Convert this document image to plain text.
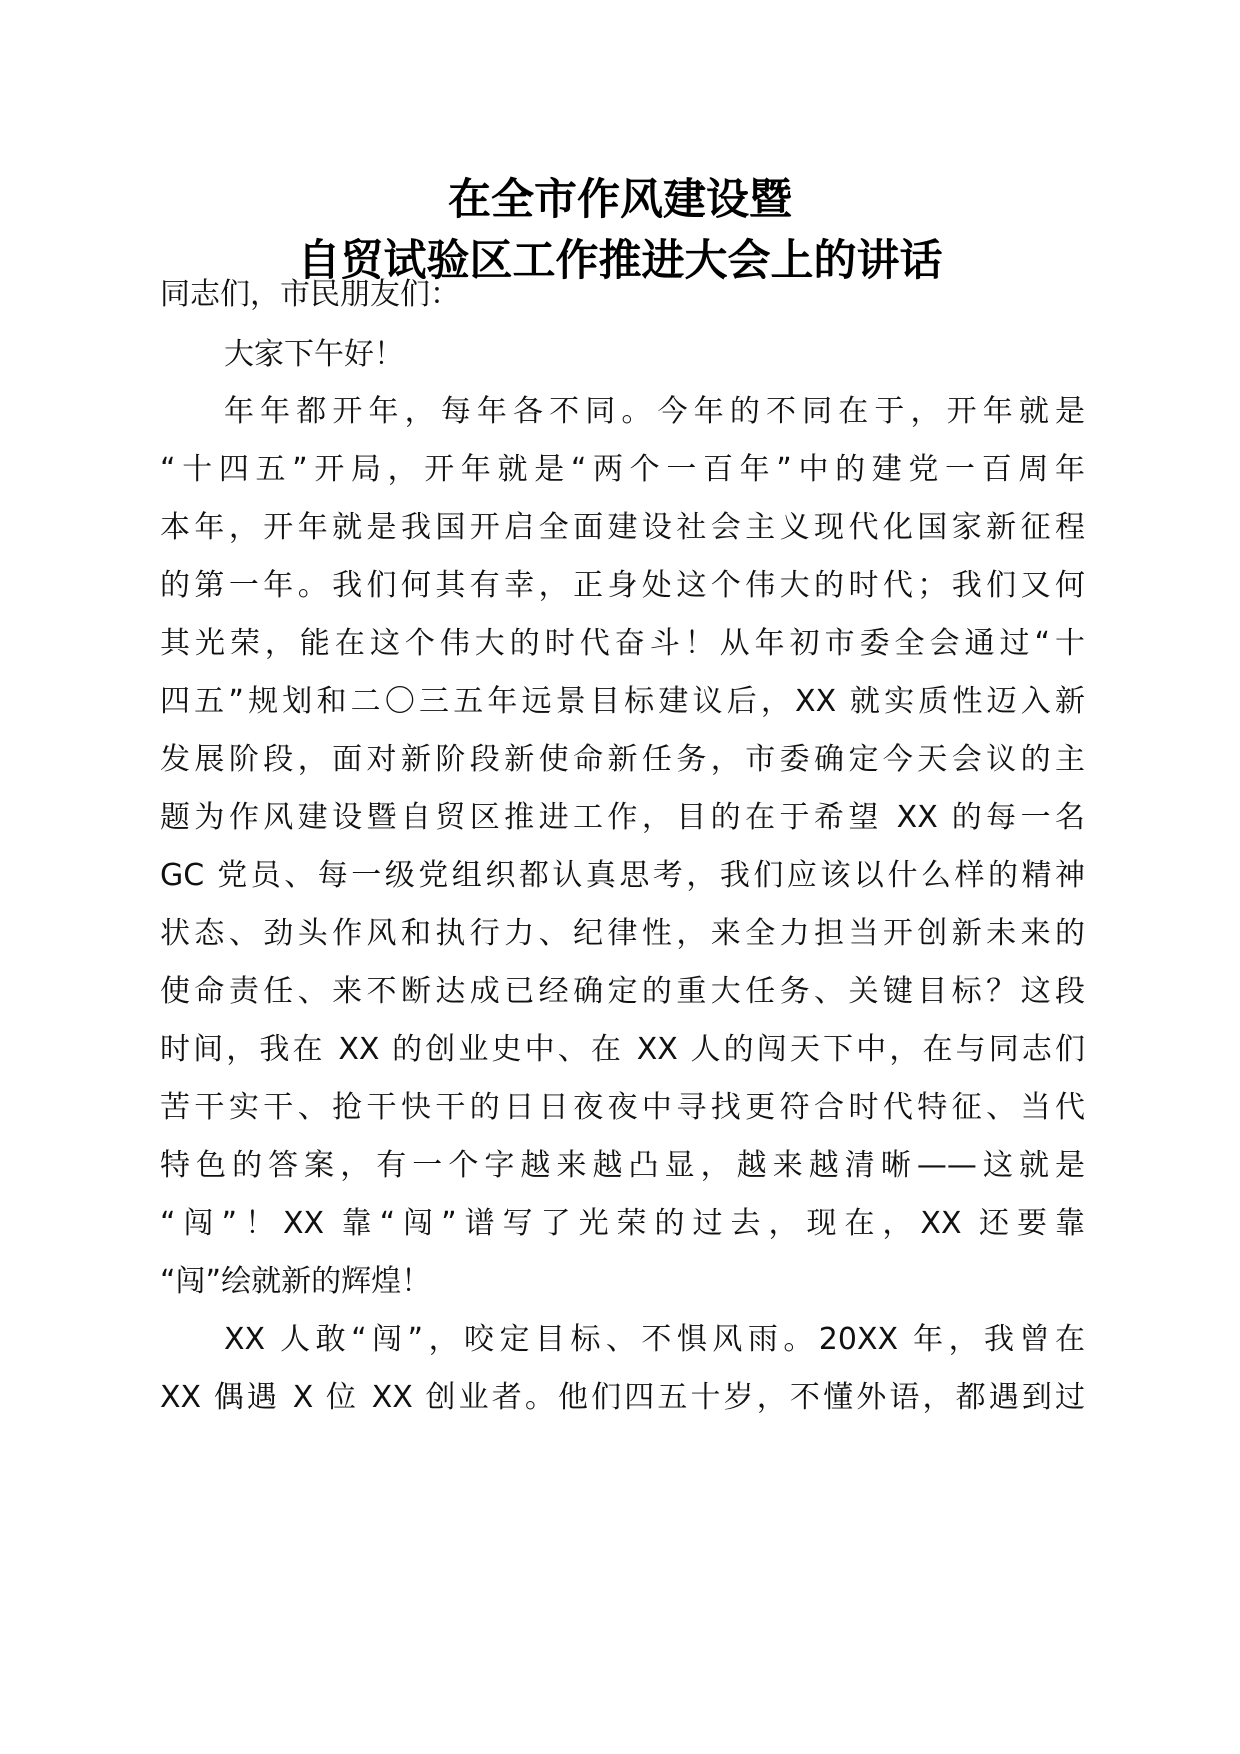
在全市作风建设暨
自贸试验区工作推进大会上的讲话
同志们，市民朋友们：
大家下午好！
年年都开年，每年各不同。今年的不同在于，开年就是
“十四五”开局，开年就是“两个一百年”中的建党一百周年
本年，开年就是我国开启全面建设社会主义现代化国家新征程
的第一年。我们何其有幸，正身处这个伟大的时代；我们又何
其光荣，能在这个伟大的时代奋斗！从年初市委全会通过“十
四五”规划和二〇三五年远景目标建议后，XX 就实质性迈入新
发展阶段，面对新阶段新使命新任务，市委确定今天会议的主
题为作风建设暨自贸区推进工作，目的在于希望 XX 的每一名
GC 党员、每一级党组织都认真思考，我们应该以什么样的精神
状态、劲头作风和执行力、纪律性，来全力担当开创新未来的
使命责任、来不断达成已经确定的重大任务、关键目标？这段
时间，我在 XX 的创业史中、在 XX 人的闯天下中，在与同志们
苦干实干、抢干快干的日日夜夜中寻找更符合时代特征、当代
特色的答案，有一个字越来越凸显，越来越清晰——这就是
“闯”！XX 靠“闯”谱写了光荣的过去，现在，XX 还要靠
“闯”绘就新的辉煌！
XX 人敢“闯”，咬定目标、不惧风雨。20XX 年，我曾在
XX 偶遇 X 位 XX 创业者。他们四五十岁，不懂外语，都遇到过
